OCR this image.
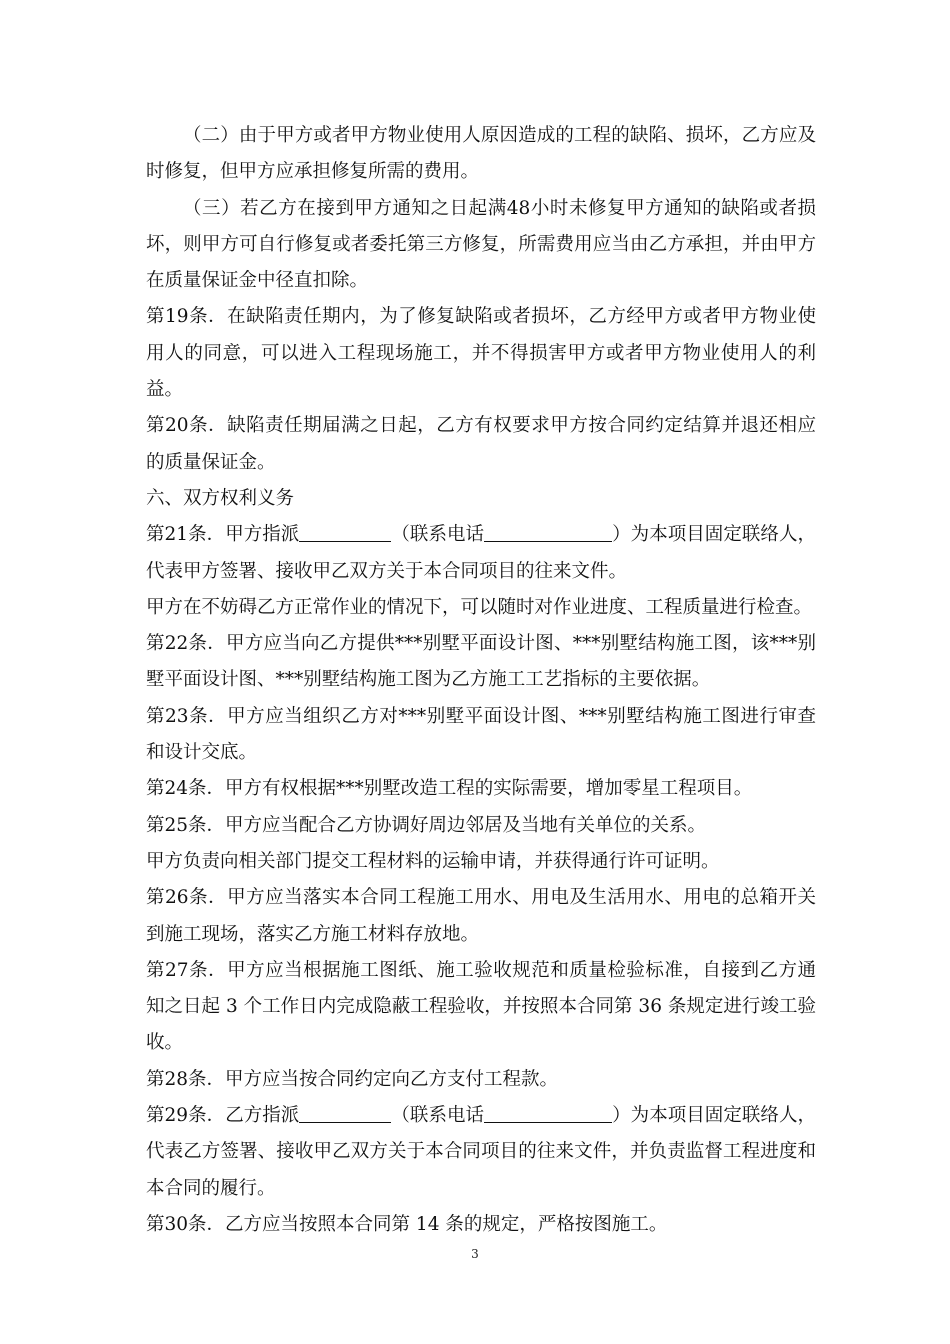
（二）由于甲方或者甲方物业使用人原因造成的工程的缺陷、损坏，乙方应及时修复，但甲方应承担修复所需的费用。

（三）若乙方在接到甲方通知之日起满48小时未修复甲方通知的缺陷或者损坏，则甲方可自行修复或者委托第三方修复，所需费用应当由乙方承担，并由甲方在质量保证金中径直扣除。

第19条．在缺陷责任期内，为了修复缺陷或者损坏，乙方经甲方或者甲方物业使用人的同意，可以进入工程现场施工，并不得损害甲方或者甲方物业使用人的利益。

第20条．缺陷责任期届满之日起，乙方有权要求甲方按合同约定结算并退还相应的质量保证金。

六、双方权利义务

第21条．甲方指派	（联系电话	）为本项目固定联络人，代表甲方签署、接收甲乙双方关于本合同项目的往来文件。

甲方在不妨碍乙方正常作业的情况下，可以随时对作业进度、工程质量进行检查。

第22条．甲方应当向乙方提供***别墅平面设计图、***别墅结构施工图，该***别墅平面设计图、***别墅结构施工图为乙方施工工艺指标的主要依据。

第23条．甲方应当组织乙方对***别墅平面设计图、***别墅结构施工图进行审查和设计交底。

第24条．甲方有权根据***别墅改造工程的实际需要，增加零星工程项目。

第25条．甲方应当配合乙方协调好周边邻居及当地有关单位的关系。

甲方负责向相关部门提交工程材料的运输申请，并获得通行许可证明。

第26条．甲方应当落实本合同工程施工用水、用电及生活用水、用电的总箱开关到施工现场，落实乙方施工材料存放地。

第27条．甲方应当根据施工图纸、施工验收规范和质量检验标准，自接到乙方通知之日起 3 个工作日内完成隐蔽工程验收，并按照本合同第 36 条规定进行竣工验收。

第28条．甲方应当按合同约定向乙方支付工程款。

第29条．乙方指派	（联系电话	）为本项目固定联络人，代表乙方签署、接收甲乙双方关于本合同项目的往来文件，并负责监督工程进度和本合同的履行。

第30条．乙方应当按照本合同第 14 条的规定，严格按图施工。

3
